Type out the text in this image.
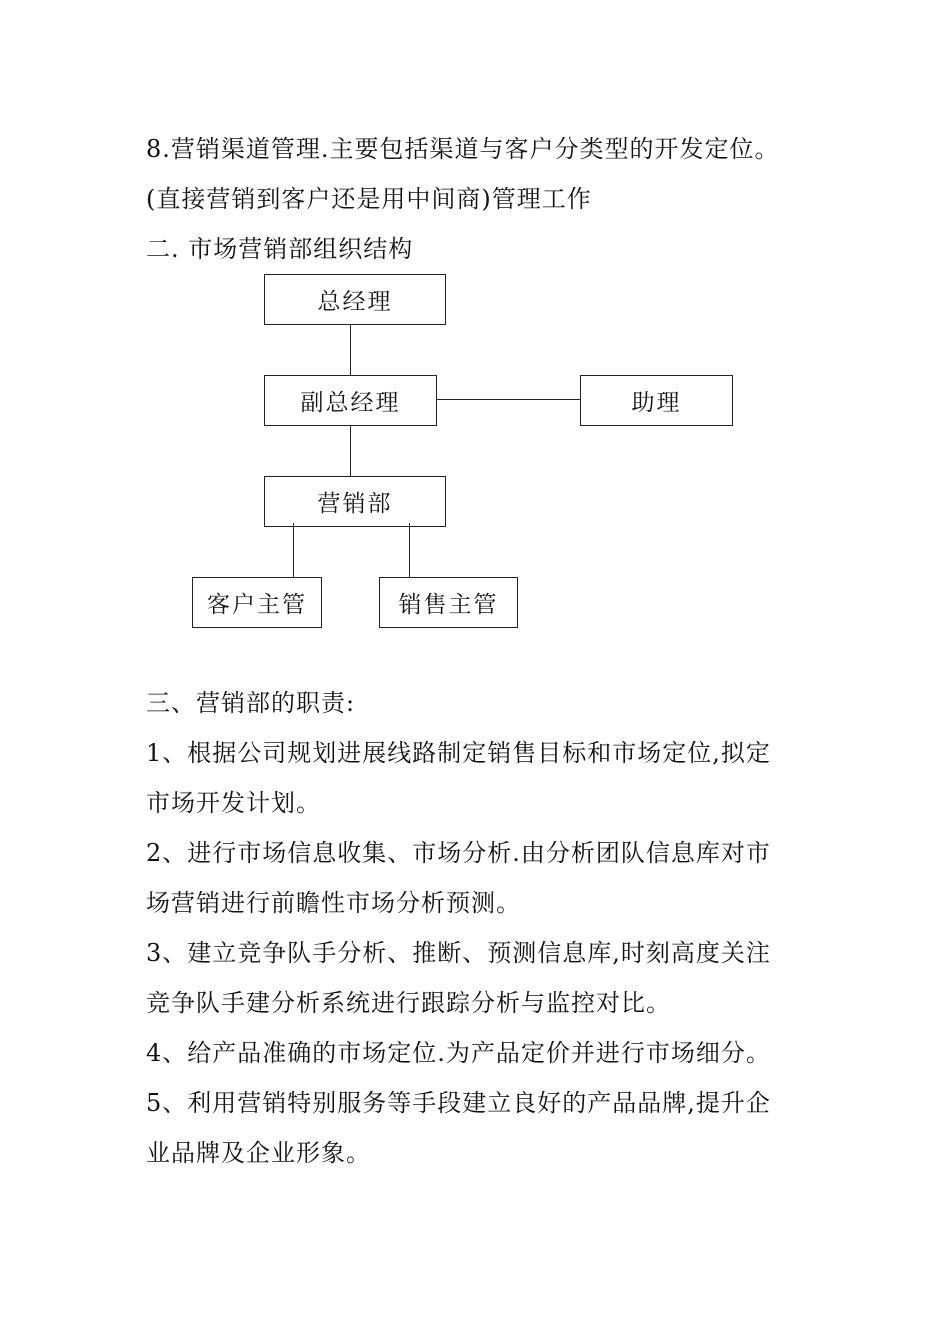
8.营销渠道管理.主要包括渠道与客户分类型的开发定位。

(直接营销到客户还是用中间商)管理工作

二. 市场营销部组织结构

总经理
副总经理	助理
营销部
客户主管	销售主管

三、营销部的职责:

1、根据公司规划进展线路制定销售目标和市场定位,拟定

市场开发计划。

2、进行市场信息收集、市场分析.由分析团队信息库对市

场营销进行前瞻性市场分析预测。

3、建立竞争队手分析、推断、预测信息库,时刻高度关注

竞争队手建分析系统进行跟踪分析与监控对比。

4、给产品准确的市场定位.为产品定价并进行市场细分。

5、利用营销特别服务等手段建立良好的产品品牌,提升企

业品牌及企业形象。
